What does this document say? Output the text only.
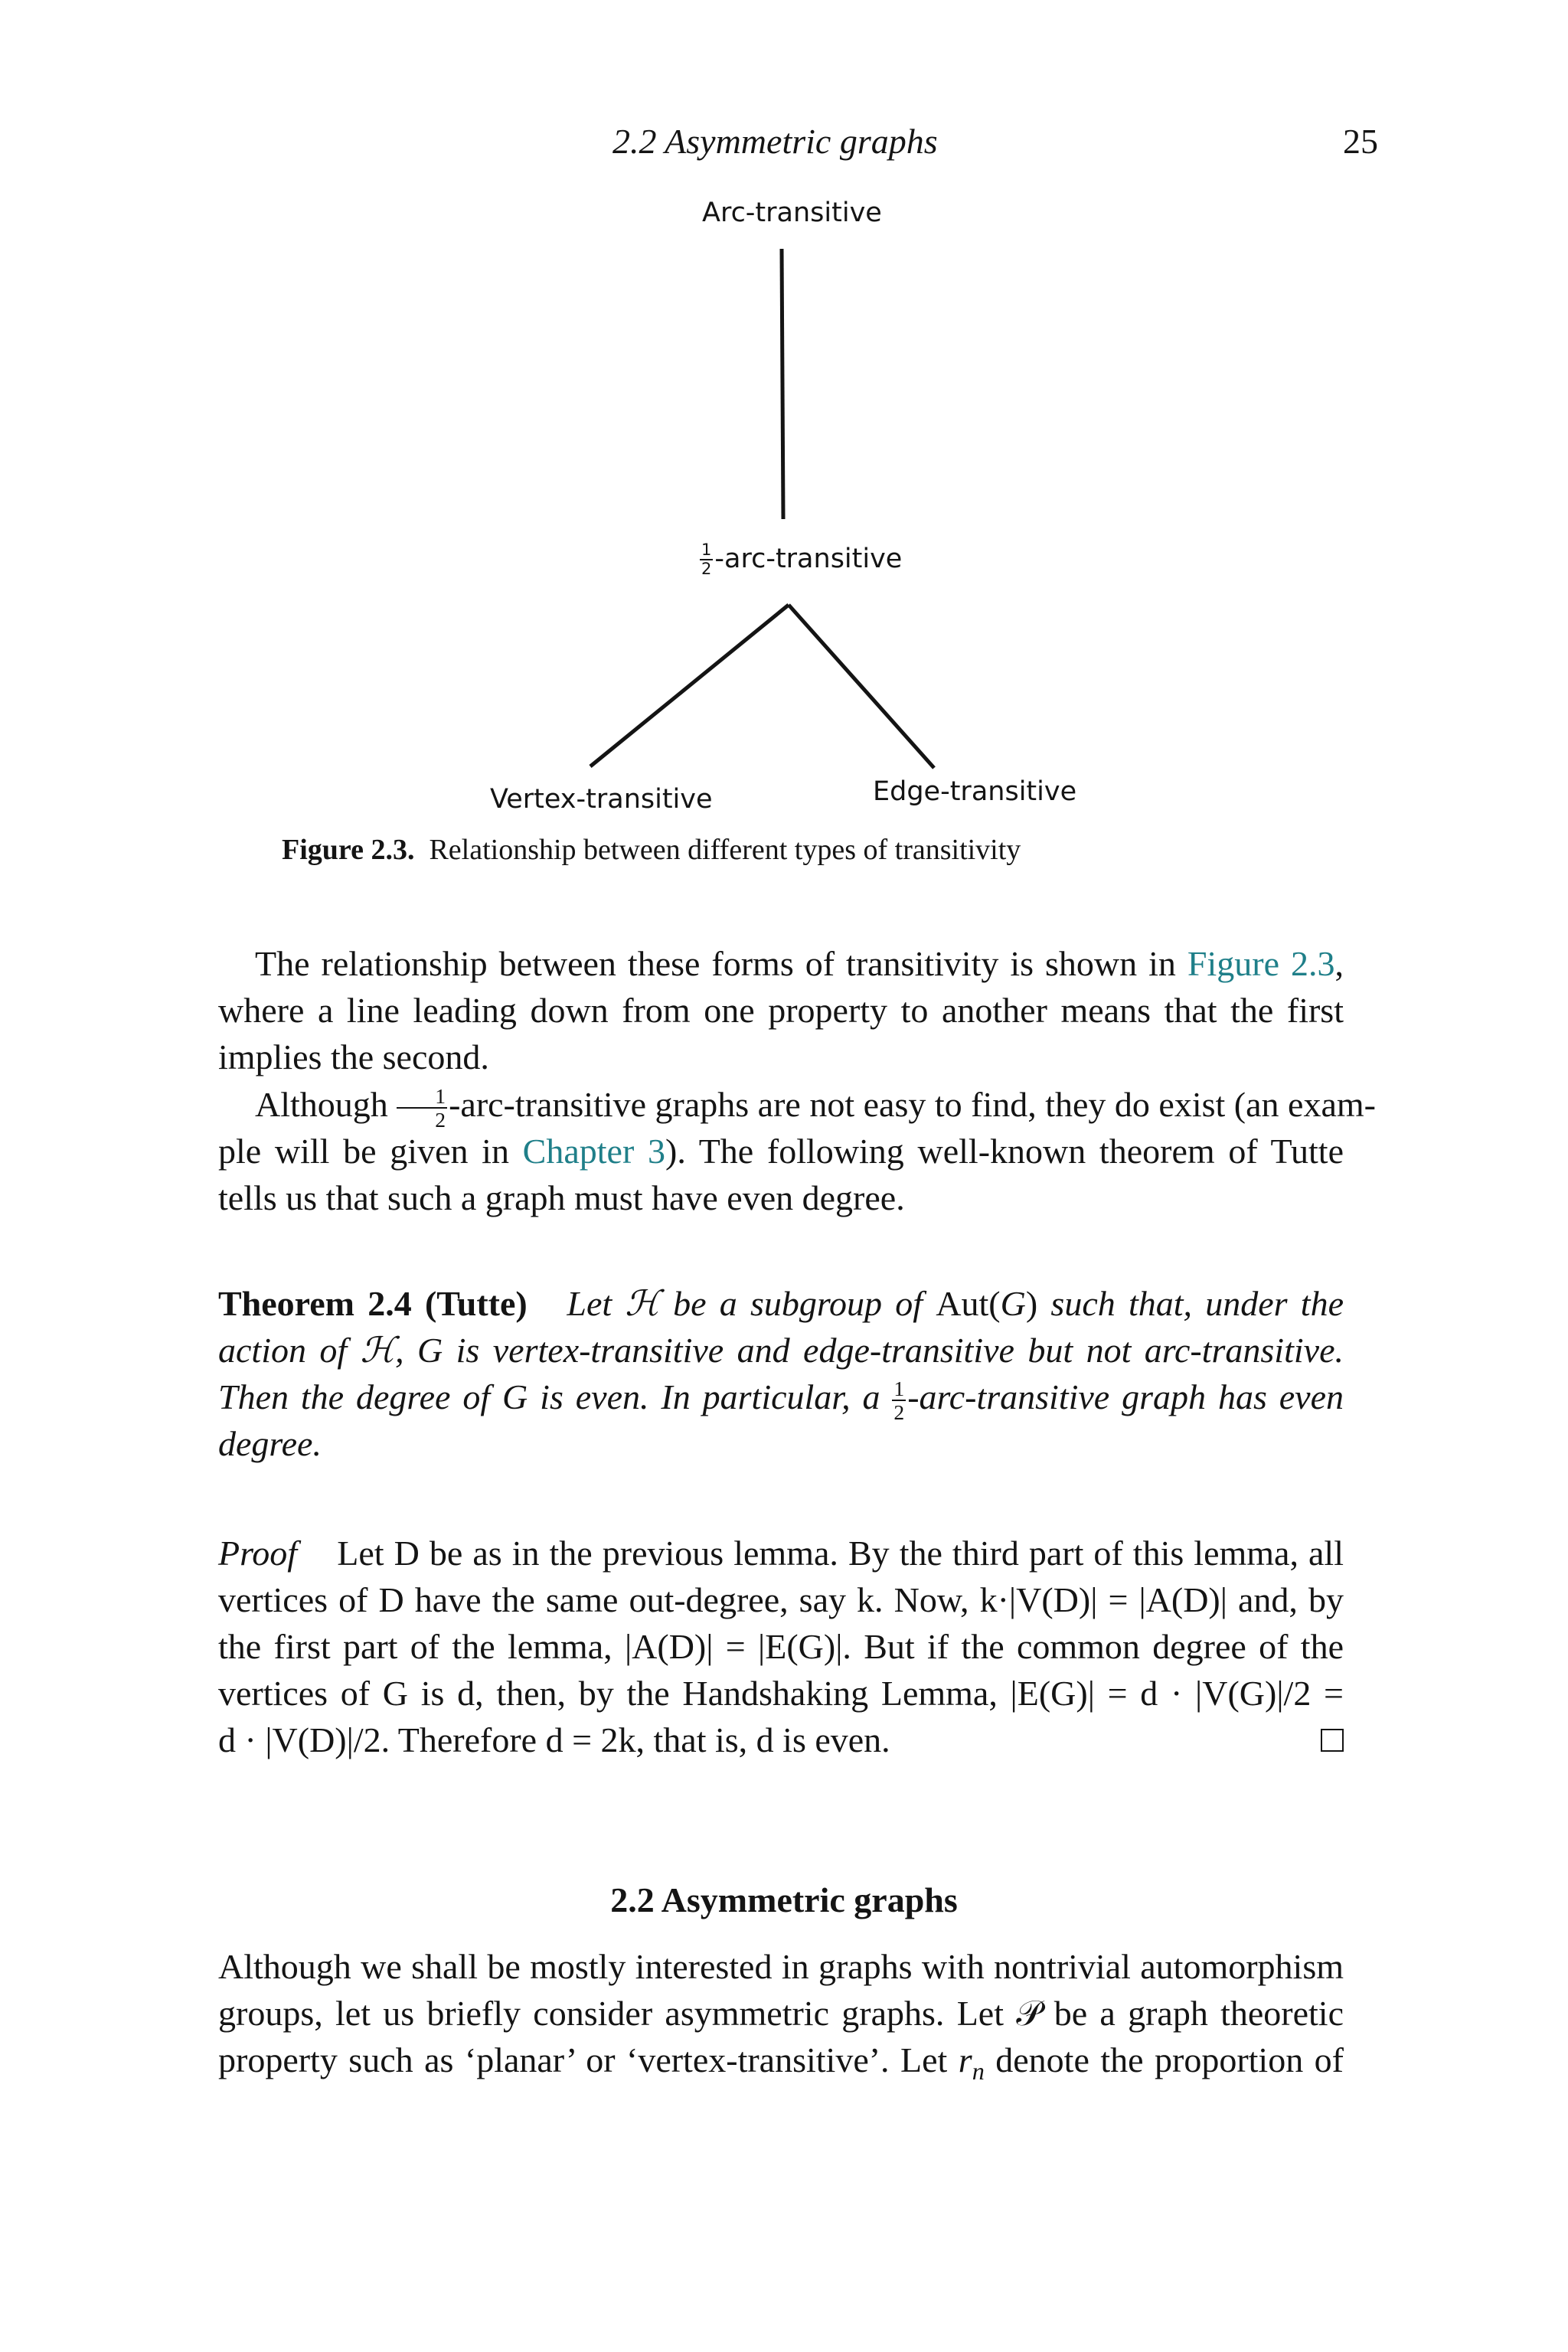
2.2 Asymmetric graphs	25
Arc-transitive
$\frac{1}{2}$ -arc-transitive
Vertex-transitive	Edge-transitive
Figure 2.3. Relationship between different types of transitivity
The relationship between these forms of transitivity is shown in Figure 2.3,
where a line leading down from one property to another means that the first
implies the second.
Although $\frac{1}{2}$ -arc-transitive graphs are not easy to find, they do exist (an exam-
ple will be given in Chapter 3). The following well-known theorem of Tutte
tells us that such a graph must have even degree.
Theorem 2.4 (Tutte) Let ℋ be a subgroup of Aut(G) such that, under the
action of ℋ, G is vertex-transitive and edge-transitive but not arc-transitive.
Then the degree of G is even. In particular, a $\frac{1}{2}$ -arc-transitive graph has even
degree.
Proof Let D be as in the previous lemma. By the third part of this lemma, all
vertices of D have the same out-degree, say k. Now, k·|V(D)| = |A(D)| and, by
the first part of the lemma, |A(D)| = |E(G)|. But if the common degree of the
vertices of G is d, then, by the Handshaking Lemma, |E(G)| = d · |V(G)|/2 =
d · |V(D)|/2. Therefore d = 2k, that is, d is even.
2.2 Asymmetric graphs
Although we shall be mostly interested in graphs with nontrivial automorphism
groups, let us briefly consider asymmetric graphs. Let 𝒫 be a graph theoretic
property such as ‘planar’ or ‘vertex-transitive’. Let $r_n$ denote the proportion of
